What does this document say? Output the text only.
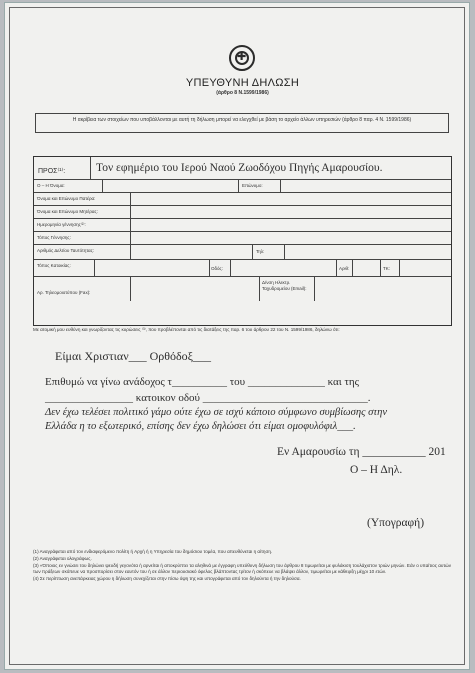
✚
ΥΠΕΥΘΥΝΗ ΔΗΛΩΣΗ
(άρθρο 8 Ν.1599/1986)
Η ακρίβεια των στοιχείων που υποβάλλονται με αυτή τη δήλωση μπορεί να ελεγχθεί με βάση το αρχείο άλλων υπηρεσιών (άρθρο 8 παρ. 4 Ν. 1599/1986)
ΠΡΟΣ⁽¹⁾:	Τον εφημέριο του Ιερού Ναού Ζωοδόχου Πηγής Αμαρουσίου.
Ο – Η Όνομα:	Επώνυμο:
Όνομα και Επώνυμο Πατέρα:
Όνομα και Επώνυμο Μητέρας:
Ημερομηνία γέννησης⁽²⁾:
Τόπος Γέννησης:
Αριθμός Δελτίου Ταυτότητας:	Τηλ:
Τόπος Κατοικίας:
Οδός:	Αριθ:	ΤΚ:
Αρ. Τηλεομοιοτύπου (Fax):
Δ/νση Ηλεκτρ. Ταχυδρομείου (Email):
Με ατομική μου ευθύνη και γνωρίζοντας τις κυρώσεις ⁽³⁾, που προβλέπονται από τις διατάξεις της παρ. 6 του άρθρου 22 του Ν. 1599/1986, δηλώνω ότι:
Είμαι Χριστιαν___ Ορθόδοξ___
Επιθυμώ να γίνω ανάδοχος τ__________ του ______________ και της
________________ κατοικον οδού ______________________________.
Δεν έχω τελέσει πολιτικό γάμο ούτε έχω σε ισχύ κάποιο σύμφωνο συμβίωσης στην
Ελλάδα η το εξωτερικό, επίσης δεν έχω δηλώσει ότι είμαι ομοφυλόφιλ___.
Εν Αμαρουσίω τη ___________ 201
Ο – Η Δηλ.
(Υπογραφή)
(1) Αναγράφεται από τον ενδιαφερόμενο πολίτη ή Αρχή ή η Υπηρεσία του δημόσιου τομέα, που απευθύνεται η αίτηση.
(2) Αναγράφεται ολογράφως.
(3) «Όποιος εν γνώσει του δηλώνει ψευδή γεγονότα ή αρνείται ή αποκρύπτει τα αληθινά με έγγραφη υπεύθυνη δήλωση του άρθρου 8 τιμωρείται με φυλάκιση τουλάχιστον τριών μηνών. Εάν ο υπαίτιος αυτών των πράξεων σκόπευε να προσπορίσει στον εαυτόν του ή σε άλλον περιουσιακό όφελος βλάπτοντας τρίτον ή σκόπευε να βλάψει άλλον, τιμωρείται με κάθειρξη μέχρι 10 ετών.
(4) Σε περίπτωση ανεπάρκειας χώρου η δήλωση συνεχίζεται στην πίσω όψη της και υπογράφεται από τον δηλούντα ή την δηλούσα.
